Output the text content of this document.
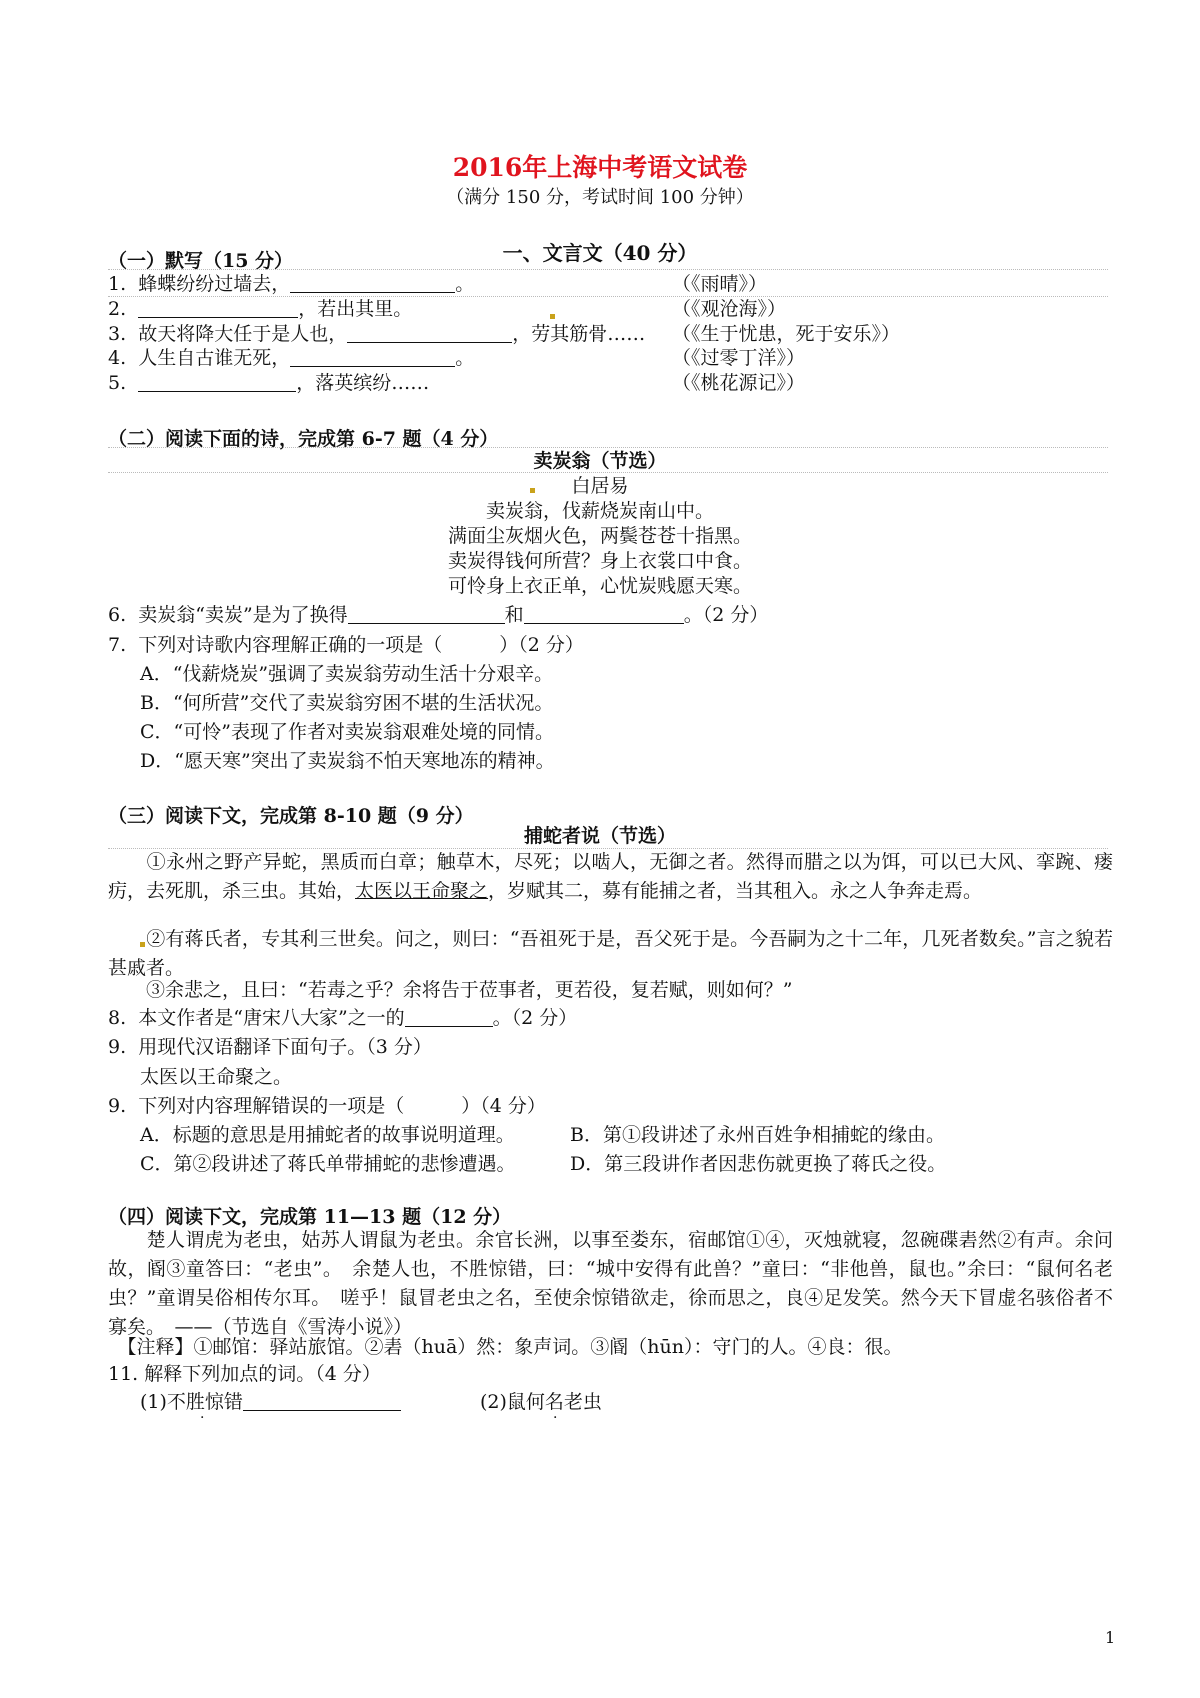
2016年上海中考语文试卷
（满分 150 分，考试时间 100 分钟）
一、文言文（40 分）
（一）默写（15 分）
1. 蜂蝶纷纷过墙去，	。	（《雨晴》）
2.	，若出其里。	（《观沧海》）
3. 故天将降大任于是人也，	，劳其筋骨…… （《生于忧患，死于安乐》）
4. 人生自古谁无死，	。	（《过零丁洋》）
5.	，落英缤纷……	（《桃花源记》）
（二）阅读下面的诗，完成第 6-7 题（4 分）
卖炭翁（节选）
白居易
卖炭翁，伐薪烧炭南山中。
满面尘灰烟火色，两鬓苍苍十指黑。
卖炭得钱何所营？身上衣裳口中食。
可怜身上衣正单，心忧炭贱愿天寒。
6. 卖炭翁“卖炭”是为了换得	和	。（2 分）
7. 下列对诗歌内容理解正确的一项是（　　　）（2 分）
A．“伐薪烧炭”强调了卖炭翁劳动生活十分艰辛。
B．“何所营”交代了卖炭翁穷困不堪的生活状况。
C．“可怜”表现了作者对卖炭翁艰难处境的同情。
D．“愿天寒”突出了卖炭翁不怕天寒地冻的精神。
（三）阅读下文，完成第 8-10 题（9 分）
捕蛇者说（节选）
　　①永州之野产异蛇，黑质而白章；触草木，尽死；以啮人，无御之者。然得而腊之以为饵，可以已大风、挛踠、瘘疠，去死肌，杀三虫。其始，太医以王命聚之，岁赋其二，募有能捕之者，当其租入。永之人争奔走焉。
　　②有蒋氏者，专其利三世矣。问之，则曰：“吾祖死于是，吾父死于是。今吾嗣为之十二年，几死者数矣。”言之貌若甚戚者。
　　③余悲之，且曰：“若毒之乎？余将告于莅事者，更若役，复若赋，则如何？”
8. 本文作者是“唐宋八大家”之一的	。（2 分）
9. 用现代汉语翻译下面句子。（3 分）
太医以王命聚之。
9. 下列对内容理解错误的一项是（　　　）（4 分）
A．标题的意思是用捕蛇者的故事说明道理。	B．第①段讲述了永州百姓争相捕蛇的缘由。
C．第②段讲述了蒋氏单带捕蛇的悲惨遭遇。	D．第三段讲作者因悲伤就更换了蒋氏之役。
（四）阅读下文，完成第 11—13 题（12 分）
　　楚人谓虎为老虫，姑苏人谓鼠为老虫。余官长洲，以事至娄东，宿邮馆①④，灭烛就寝，忽碗碟砉然②有声。余问故，阍③童答曰：“老虫”。　余楚人也，不胜惊错，曰：“城中安得有此兽？”童曰：“非他兽，鼠也。”余曰：“鼠何名老虫？”童谓吴俗相传尔耳。　嗟乎！鼠冒老虫之名，至使余惊错欲走，徐而思之，良④足发笑。然今天下冒虚名骇俗者不　寡矣。　——（节选自《雪涛小说》）
　【注释】①邮馆：驿站旅馆。②砉（huā）然：象声词。③阍（hūn）：守门的人。④良：很。
11. 解释下列加点的词。（4 分）
(1)不胜惊错	(2)鼠何名老虫
·	·
1
